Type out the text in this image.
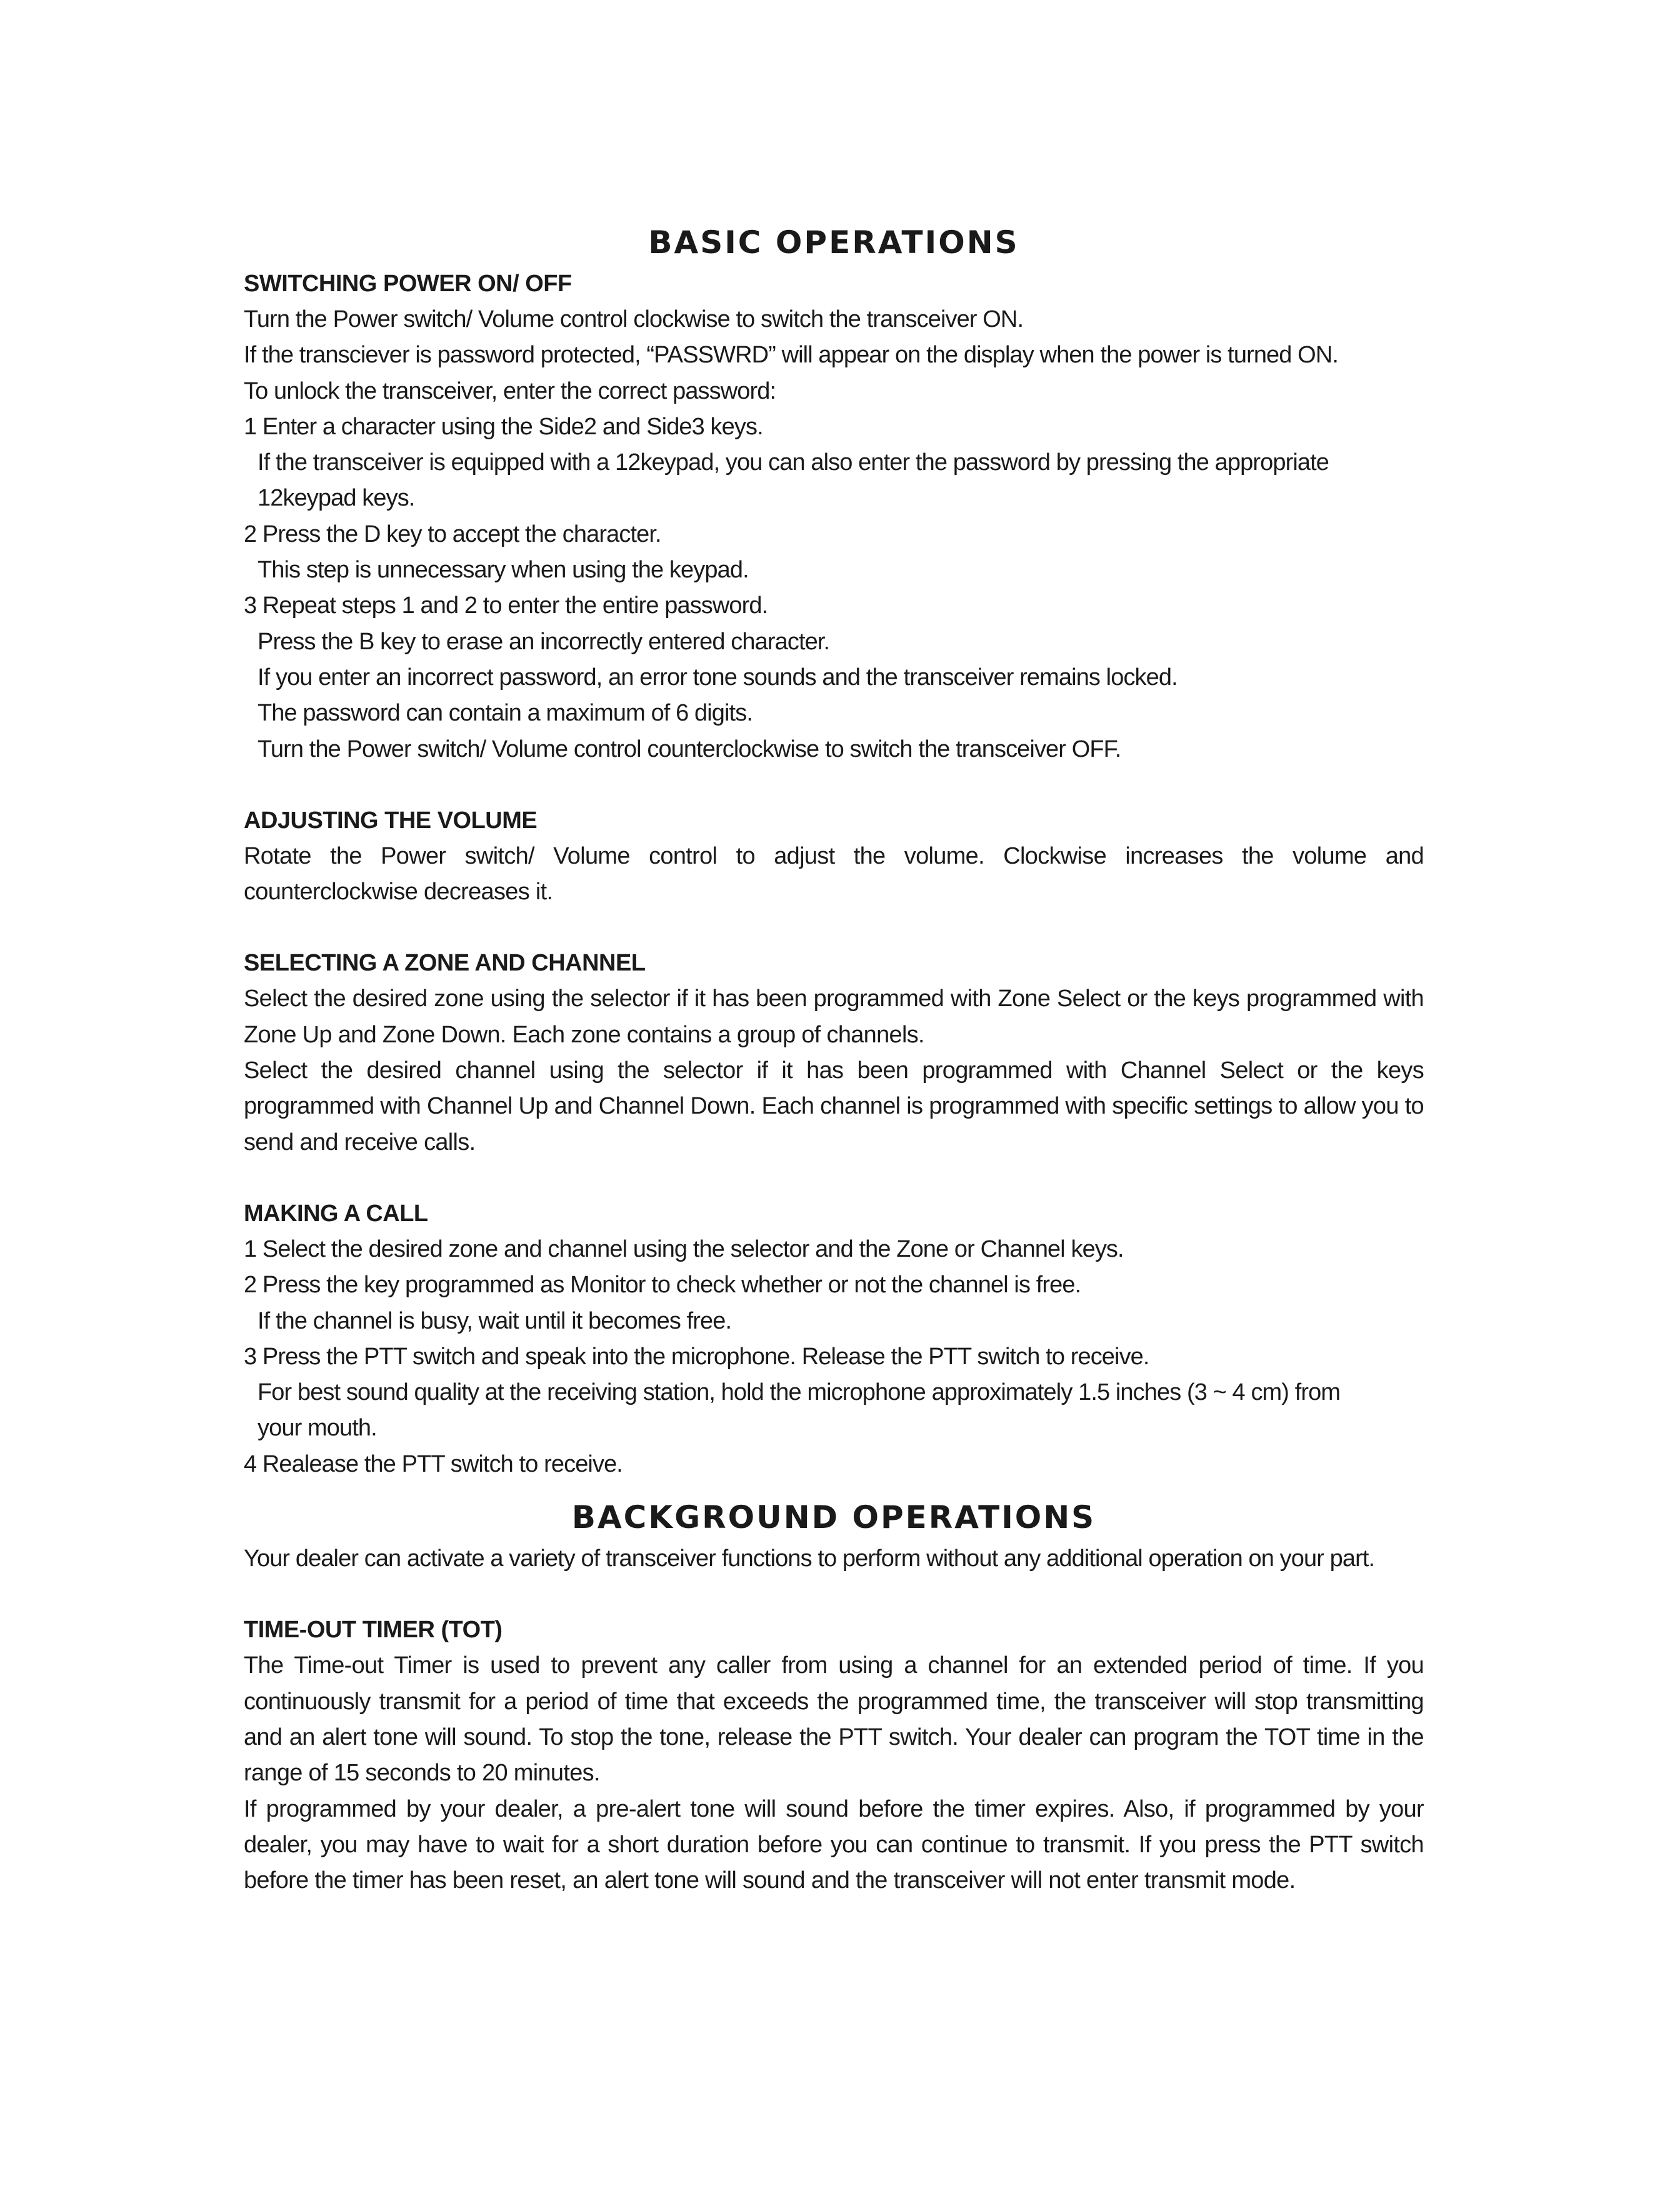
BASIC OPERATIONS
SWITCHING POWER ON/ OFF

Turn the Power switch/ Volume control clockwise to switch the transceiver ON.

If the transciever is password protected, “PASSWRD” will appear on the display when the power is turned ON.

To unlock the transceiver, enter the correct password:

1 Enter a character using the Side2 and Side3 keys.

If the transceiver is equipped with a 12keypad, you can also enter the password by pressing the appropriate

12keypad keys.

2 Press the D key to accept the character.

This step is unnecessary when using the keypad.

3 Repeat steps 1 and 2 to enter the entire password.

Press the B key to erase an incorrectly entered character.

If you enter an incorrect password, an error tone sounds and the transceiver remains locked.

The password can contain a maximum of 6 digits.

Turn the Power switch/ Volume control counterclockwise to switch the transceiver OFF.

ADJUSTING THE VOLUME

Rotate the Power switch/ Volume control to adjust the volume. Clockwise increases the volume and counterclockwise decreases it.

SELECTING A ZONE AND CHANNEL

Select the desired zone using the selector if it has been programmed with Zone Select or the keys programmed with Zone Up and Zone Down. Each zone contains a group of channels.

Select the desired channel using the selector if it has been programmed with Channel Select or the keys programmed with Channel Up and Channel Down. Each channel is programmed with specific settings to allow you to send and receive calls.

MAKING A CALL

1 Select the desired zone and channel using the selector and the Zone or Channel keys.

2 Press the key programmed as Monitor to check whether or not the channel is free.

If the channel is busy, wait until it becomes free.

3 Press the PTT switch and speak into the microphone. Release the PTT switch to receive.

For best sound quality at the receiving station, hold the microphone approximately 1.5 inches (3 ~ 4 cm) from

your mouth.

4 Realease the PTT switch to receive.

BACKGROUND OPERATIONS

Your dealer can activate a variety of transceiver functions to perform without any additional operation on your part.

TIME-OUT TIMER (TOT)

The Time-out Timer is used to prevent any caller from using a channel for an extended period of time. If you continuously transmit for a period of time that exceeds the programmed time, the transceiver will stop transmitting and an alert tone will sound. To stop the tone, release the PTT switch. Your dealer can program the TOT time in the range of 15 seconds to 20 minutes.

If programmed by your dealer, a pre-alert tone will sound before the timer expires. Also, if programmed by your dealer, you may have to wait for a short duration before you can continue to transmit. If you press the PTT switch before the timer has been reset, an alert tone will sound and the transceiver will not enter transmit mode.
